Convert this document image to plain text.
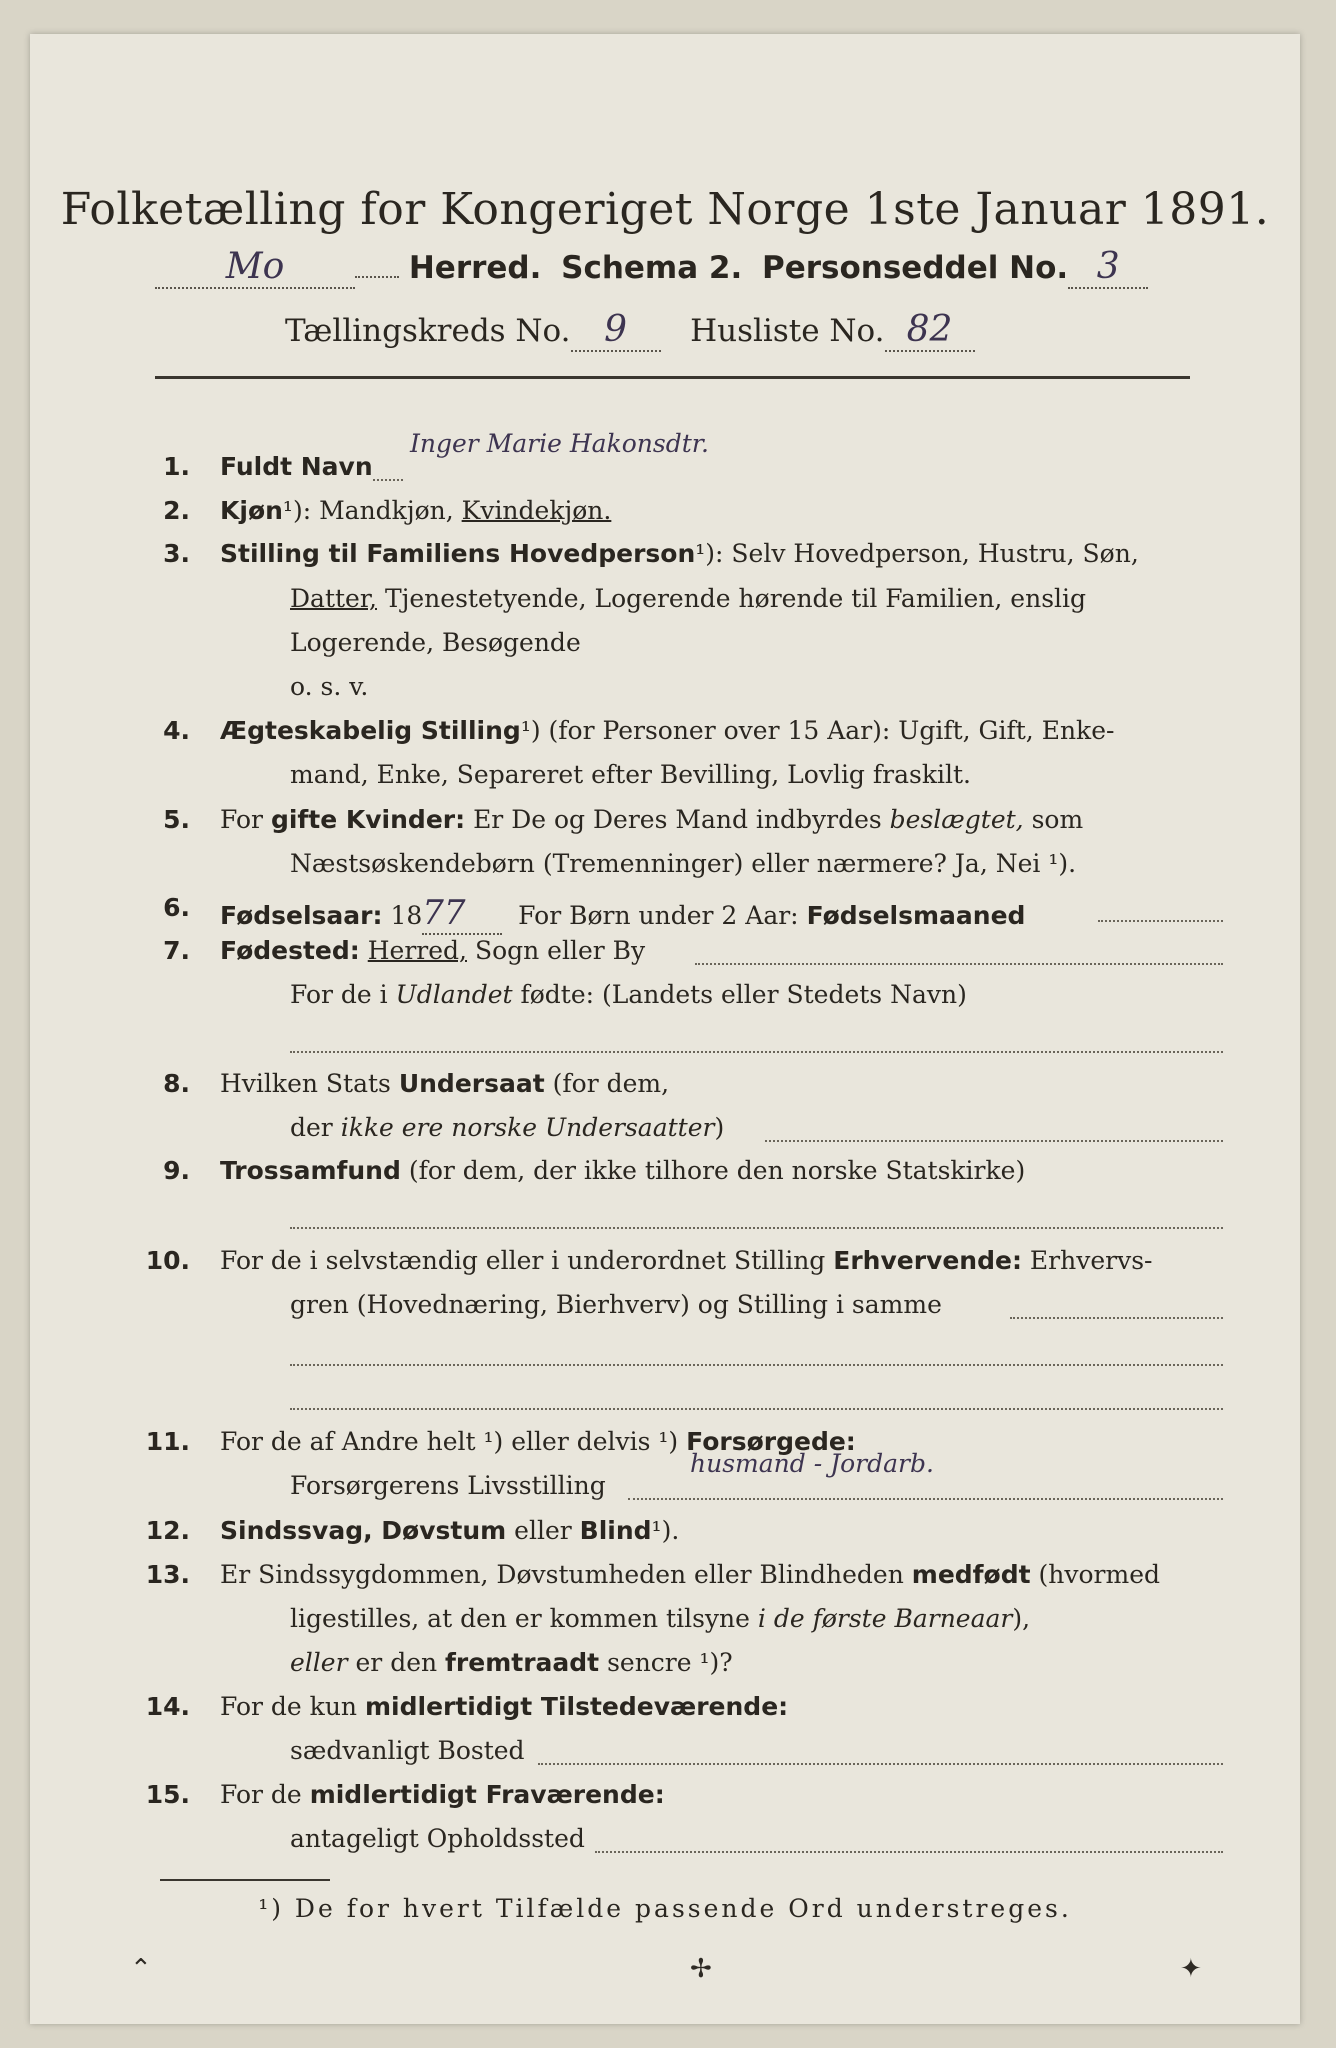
Folketælling for Kongeriget Norge 1ste Januar 1891.
Mo	Herred. Schema 2. Personseddel No. 3
Tællingskreds No. 9 Husliste No. 82
1. Fuldt Navn
Inger Marie Hakonsdtr.
2. Kjøn¹): Mandkjøn, Kvindekjøn.
3. Stilling til Familiens Hovedperson¹): Selv Hovedperson, Hustru, Søn,
Datter, Tjenestetyende, Logerende hørende til Familien, enslig
Logerende, Besøgende
o. s. v.
4. Ægteskabelig Stilling¹) (for Personer over 15 Aar): Ugift, Gift, Enke-
mand, Enke, Separeret efter Bevilling, Lovlig fraskilt.
5. For gifte Kvinder: Er De og Deres Mand indbyrdes beslægtet, som
Næstsøskendebørn (Tremenninger) eller nærmere? Ja, Nei ¹).
6. Fødselsaar: 1877 For Børn under 2 Aar: Fødselsmaaned
7. Fødested: Herred, Sogn eller By
For de i Udlandet fødte: (Landets eller Stedets Navn)
8. Hvilken Stats Undersaat (for dem,
der ikke ere norske Undersaatter)
9. Trossamfund (for dem, der ikke tilhore den norske Statskirke)
10. For de i selvstændig eller i underordnet Stilling Erhvervende: Erhvervs-
gren (Hovednæring, Bierhverv) og Stilling i samme
11. For de af Andre helt ¹) eller delvis ¹) Forsørgede:
Forsørgerens Livsstilling
husmand - Jordarb.
12. Sindssvag, Døvstum eller Blind¹).
13. Er Sindssygdommen, Døvstumheden eller Blindheden medfødt (hvormed
ligestilles, at den er kommen tilsyne i de første Barneaar),
eller er den fremtraadt sencre ¹)?
14. For de kun midlertidigt Tilstedeværende:
sædvanligt Bosted
15. For de midlertidigt Fraværende:
antageligt Opholdssted
¹) De for hvert Tilfælde passende Ord understreges.
⌃	✢	✦
